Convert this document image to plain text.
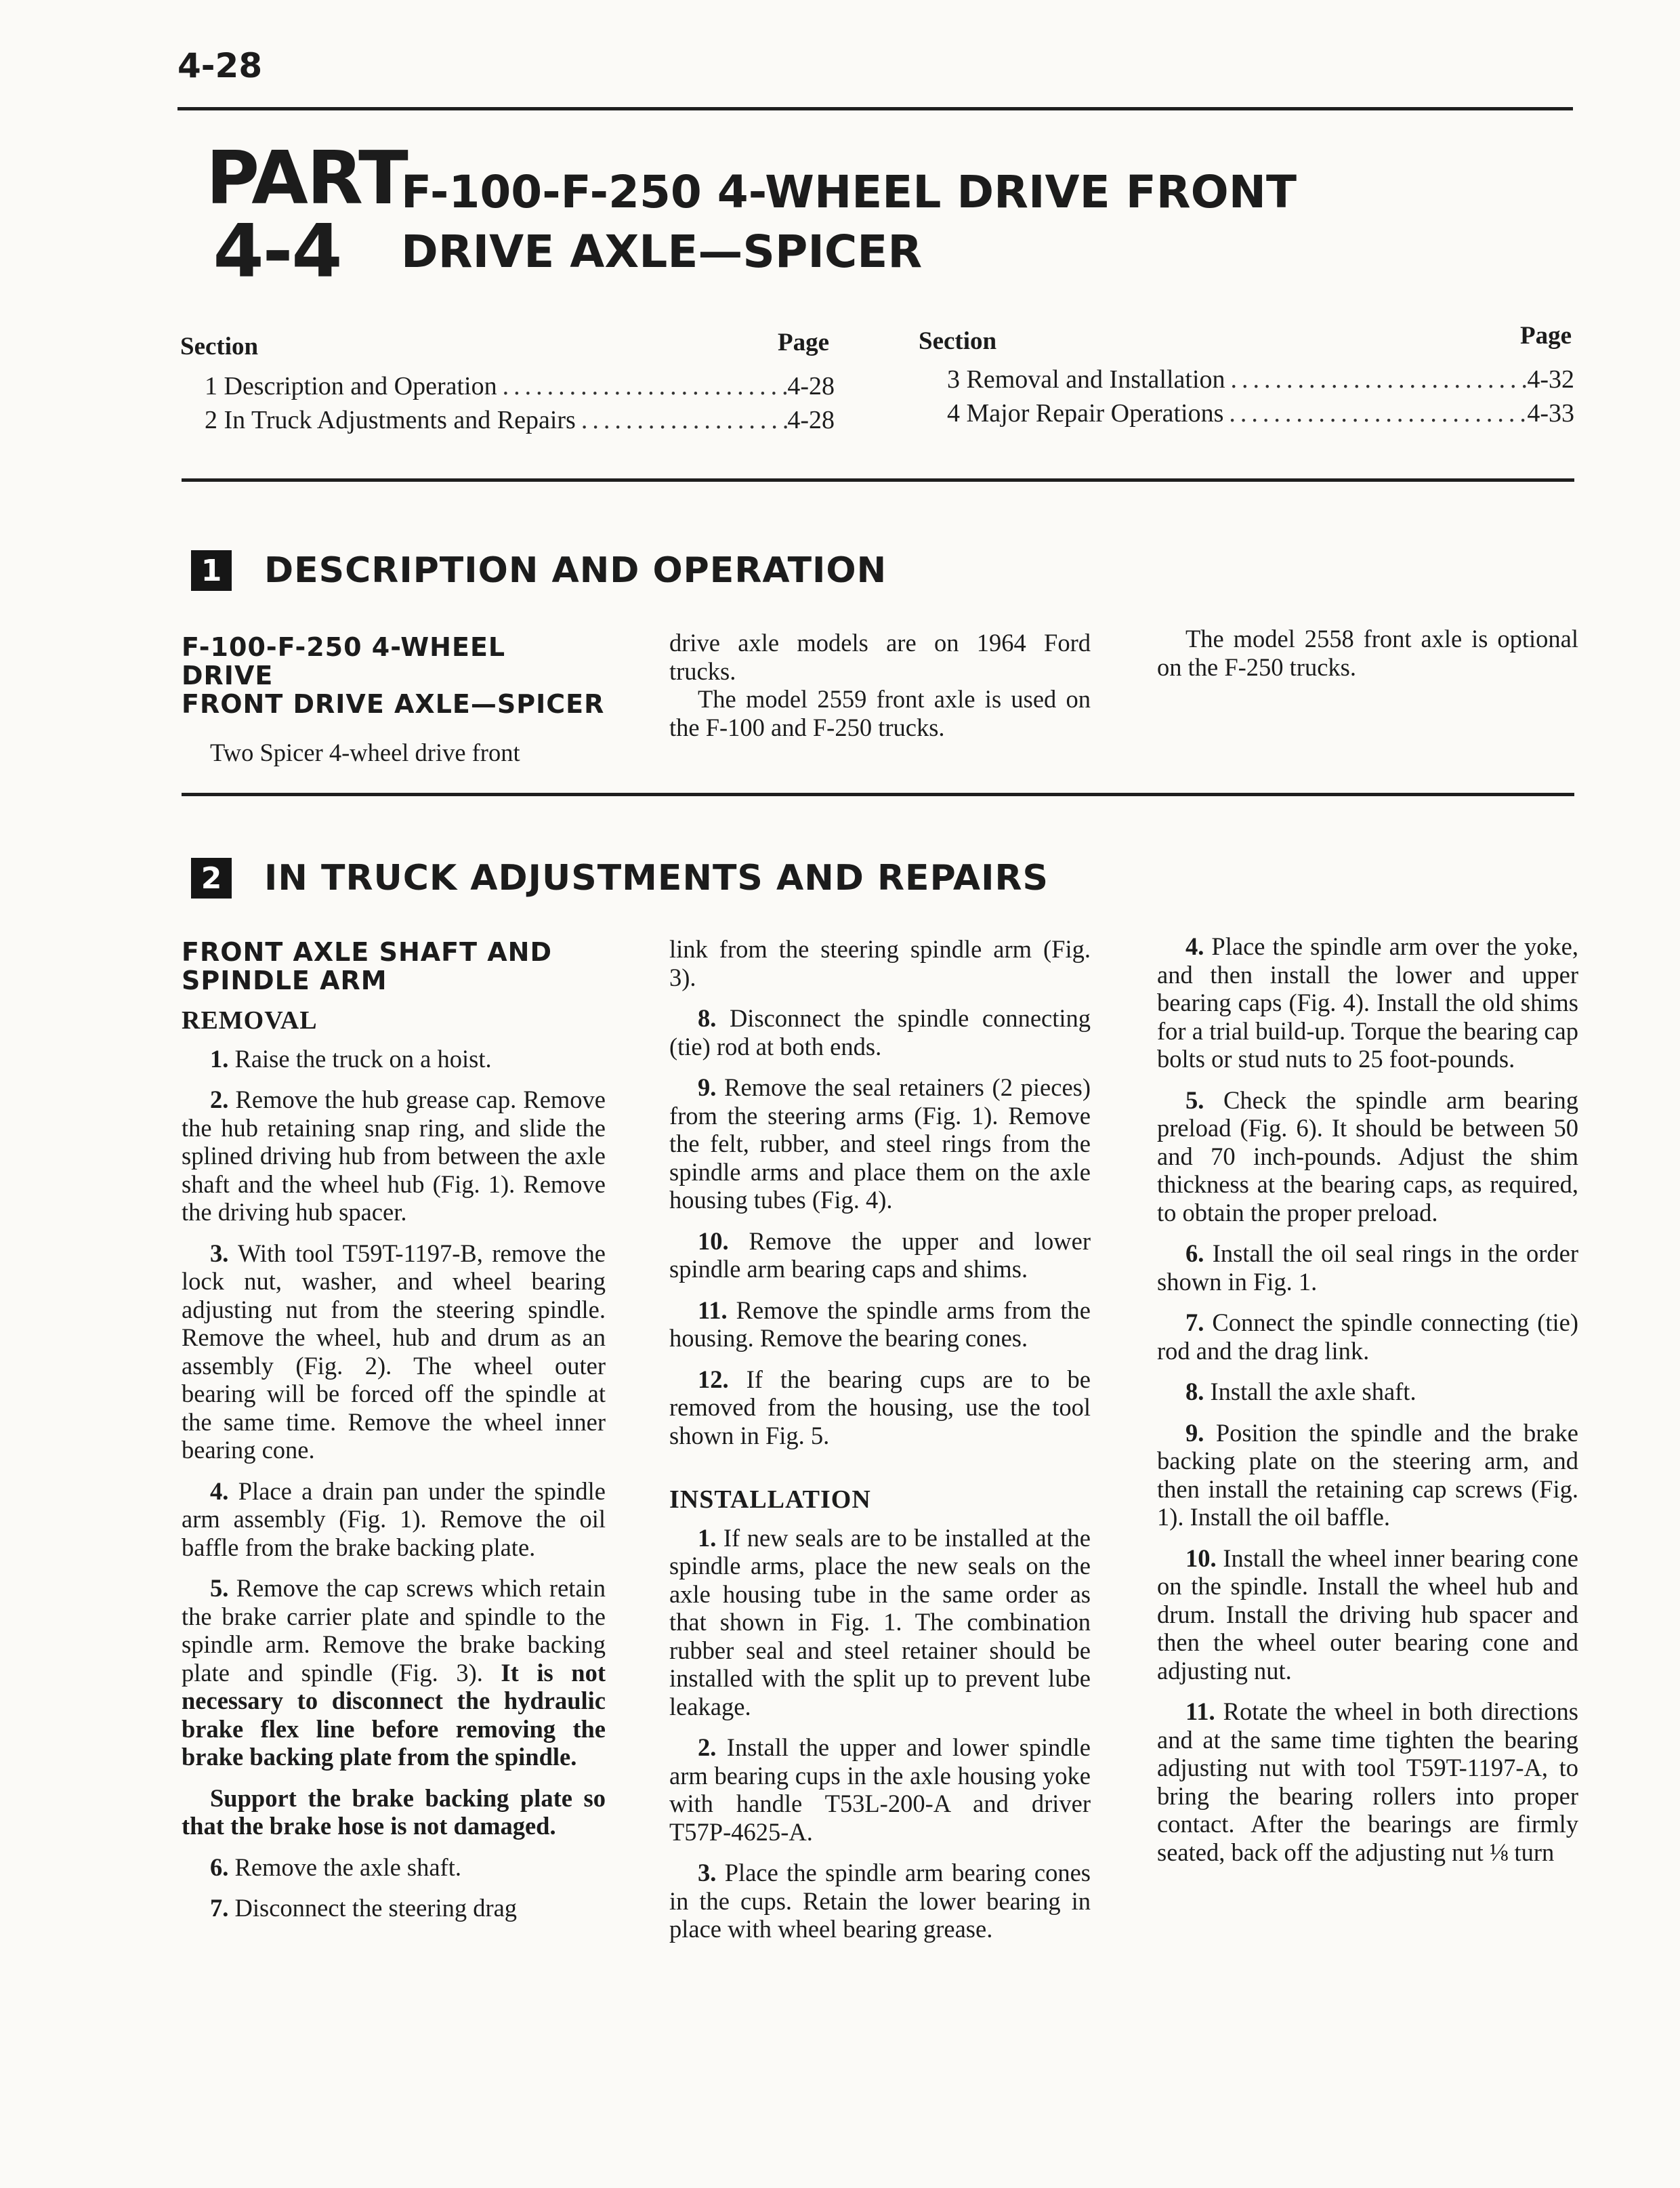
4-28
PART
4-4
F-100-F-250 4-WHEEL DRIVE FRONT
DRIVE AXLE—SPICER
Section	Page	Section	Page
1 Description and Operation .....	4-28
2 In Truck Adjustments and Repairs .....	4-28
3 Removal and Installation .....	4-32
4 Major Repair Operations .....	4-33
1 DESCRIPTION AND OPERATION
F-100-F-250 4-WHEEL DRIVE
FRONT DRIVE AXLE—SPICER

Two Spicer 4-wheel drive front

drive axle models are on 1964 Ford trucks.

The model 2559 front axle is used on the F-100 and F-250 trucks.

The model 2558 front axle is optional on the F-250 trucks.

2 IN TRUCK ADJUSTMENTS AND REPAIRS
FRONT AXLE SHAFT AND
SPINDLE ARM
REMOVAL

1. Raise the truck on a hoist.

2. Remove the hub grease cap. Remove the hub retaining snap ring, and slide the splined driving hub from between the axle shaft and the wheel hub (Fig. 1). Remove the driving hub spacer.

3. With tool T59T-1197-B, remove the lock nut, washer, and wheel bearing adjusting nut from the steering spindle. Remove the wheel, hub and drum as an assembly (Fig. 2). The wheel outer bearing will be forced off the spindle at the same time. Remove the wheel inner bearing cone.

4. Place a drain pan under the spindle arm assembly (Fig. 1). Remove the oil baffle from the brake backing plate.

5. Remove the cap screws which retain the brake carrier plate and spindle to the spindle arm. Remove the brake backing plate and spindle (Fig. 3). It is not necessary to disconnect the hydraulic brake flex line before removing the brake backing plate from the spindle.

Support the brake backing plate so that the brake hose is not damaged.

6. Remove the axle shaft.

7. Disconnect the steering drag

link from the steering spindle arm (Fig. 3).

8. Disconnect the spindle connecting (tie) rod at both ends.

9. Remove the seal retainers (2 pieces) from the steering arms (Fig. 1). Remove the felt, rubber, and steel rings from the spindle arms and place them on the axle housing tubes (Fig. 4).

10. Remove the upper and lower spindle arm bearing caps and shims.

11. Remove the spindle arms from the housing. Remove the bearing cones.

12. If the bearing cups are to be removed from the housing, use the tool shown in Fig. 5.

INSTALLATION

1. If new seals are to be installed at the spindle arms, place the new seals on the axle housing tube in the same order as that shown in Fig. 1. The combination rubber seal and steel retainer should be installed with the split up to prevent lube leakage.

2. Install the upper and lower spindle arm bearing cups in the axle housing yoke with handle T53L-200-A and driver T57P-4625-A.

3. Place the spindle arm bearing cones in the cups. Retain the lower bearing in place with wheel bearing grease.

4. Place the spindle arm over the yoke, and then install the lower and upper bearing caps (Fig. 4). Install the old shims for a trial build-up. Torque the bearing cap bolts or stud nuts to 25 foot-pounds.

5. Check the spindle arm bearing preload (Fig. 6). It should be between 50 and 70 inch-pounds. Adjust the shim thickness at the bearing caps, as required, to obtain the proper preload.

6. Install the oil seal rings in the order shown in Fig. 1.

7. Connect the spindle connecting (tie) rod and the drag link.

8. Install the axle shaft.

9. Position the spindle and the brake backing plate on the steering arm, and then install the retaining cap screws (Fig. 1). Install the oil baffle.

10. Install the wheel inner bearing cone on the spindle. Install the wheel hub and drum. Install the driving hub spacer and then the wheel outer bearing cone and adjusting nut.

11. Rotate the wheel in both directions and at the same time tighten the bearing adjusting nut with tool T59T-1197-A, to bring the bearing rollers into proper contact. After the bearings are firmly seated, back off the adjusting nut ⅛ turn
